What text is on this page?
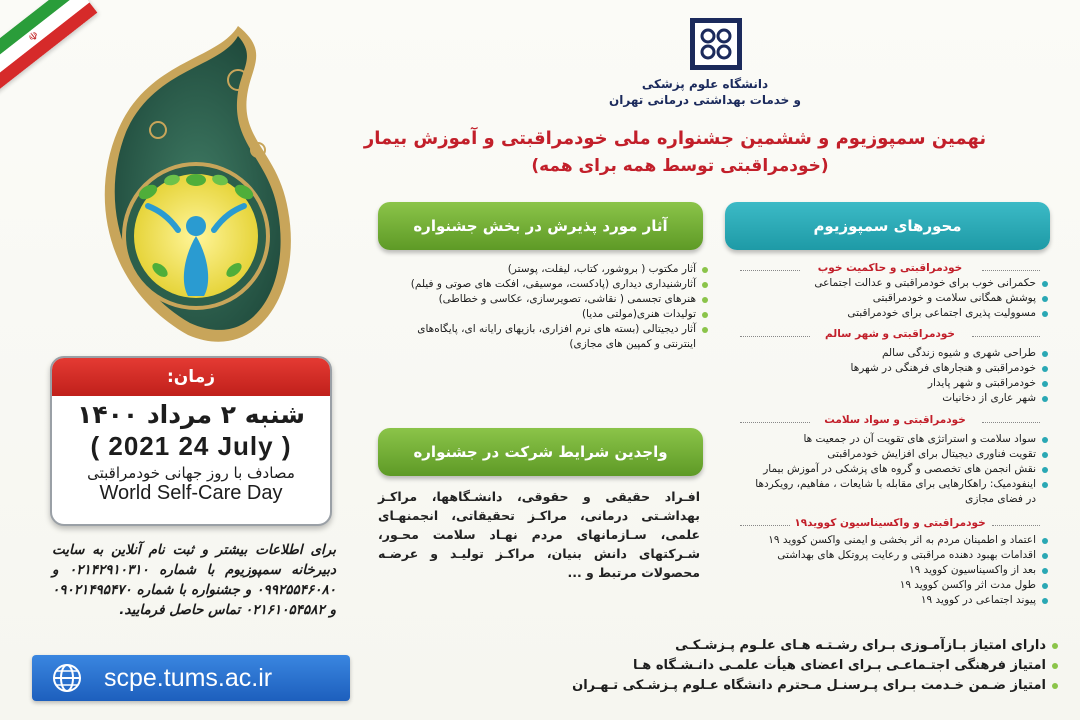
☫
دانشگاه علوم پزشکی
و خدمات بهداشتی درمانی تهران
نهمین سمپوزیوم و ششمین جشنواره ملی خودمراقبتی و آموزش بیمار
(خودمراقبتی توسط همه برای همه)
محورهای سمپوزیوم
خودمراقبتی و حاکمیت خوب
حکمرانی خوب برای خودمراقبتی و عدالت اجتماعی
پوشش همگانی سلامت و خودمراقبتی
مسوولیت پذیری اجتماعی برای خودمراقبتی
خودمراقبتی و شهر سالم
طراحی شهری و شیوه زندگی سالم
خودمراقبتی و هنجارهای فرهنگی در شهرها
خودمراقبتی و شهر پایدار
شهر عاری از دخانیات
خودمراقبتی و سواد سلامت
سواد سلامت و استراتژی های تقویت آن در جمعیت ها
تقویت فناوری دیجیتال برای افزایش خودمراقبتی
نقش انجمن های تخصصی و گروه های پزشکی در آموزش بیمار
اینفودمیک: راهکارهایی برای مقابله با شایعات ، مفاهیم، رویکردها در فضای مجازی
خودمراقبتی و واکسیناسیون کووید۱۹
اعتماد و اطمینان مردم به اثر بخشی و ایمنی واکسن کووید ۱۹
اقدامات بهبود دهنده مراقبتی و رعایت پروتکل های بهداشتی
بعد از واکسیناسیون کووید ۱۹
طول مدت اثر واکسن کووید ۱۹
پیوند اجتماعی در کووید ۱۹
آثار مورد پذیرش در بخش جشنواره
آثار مکتوب ( بروشور، کتاب، لیفلت، پوستر)
آثارشنیداری دیداری (پادکست، موسیقی، افکت های صوتی و فیلم)
هنرهای تجسمی ( نقاشی، تصویرسازی، عکاسی و خطاطی)
تولیدات هنری(مولتی مدیا)
آثار دیجیتالی (بسته های نرم افزاری، بازیهای رایانه ای، پایگاه‌های اینترنتی و کمپین های مجازی)
واجدین شرایط شرکت در جشنواره
افـراد حقیقی و حقوقی، دانشـگاهها، مراکـز بهداشـتی درمانی، مراکـز تحقیقاتی، انجمنهـای علمی، سـازمانهای مردم نهـاد سلامت محـور، شـرکتهای دانش بنیان، مراکـز تولیـد و عرضـه محصولات مرتبط و ...
زمان:
شنبه ۲ مرداد ۱۴۰۰
( 2021 24 July )
مصادف با روز جهانی خودمراقبتی
World Self-Care Day
برای اطلاعات بیشتر و ثبت نام آنلاین به سایت دبیرخانه سمپوزیوم با شماره ۰۲۱۴۲۹۱۰۳۱۰ و ۰۹۹۲۵۵۴۶۰۸۰ و جشنواره با شماره ۰۹۰۲۱۴۹۵۴۷۰ و ۰۲۱۶۱۰۵۴۵۸۲ تماس حاصل فرمایید.
scpe.tums.ac.ir
دارای امتیاز بـازآمـوزی بـرای رشـتـه هـای علـوم پـزشـکـی
امتیاز فرهنگی اجتـماعـی بـرای اعضای هیأت علمـی دانـشـگاه هـا
امتیاز ضـمن خـدمت بـرای پـرسنـل مـحترم دانشگاه عـلوم پـزشـکی تـهـران
